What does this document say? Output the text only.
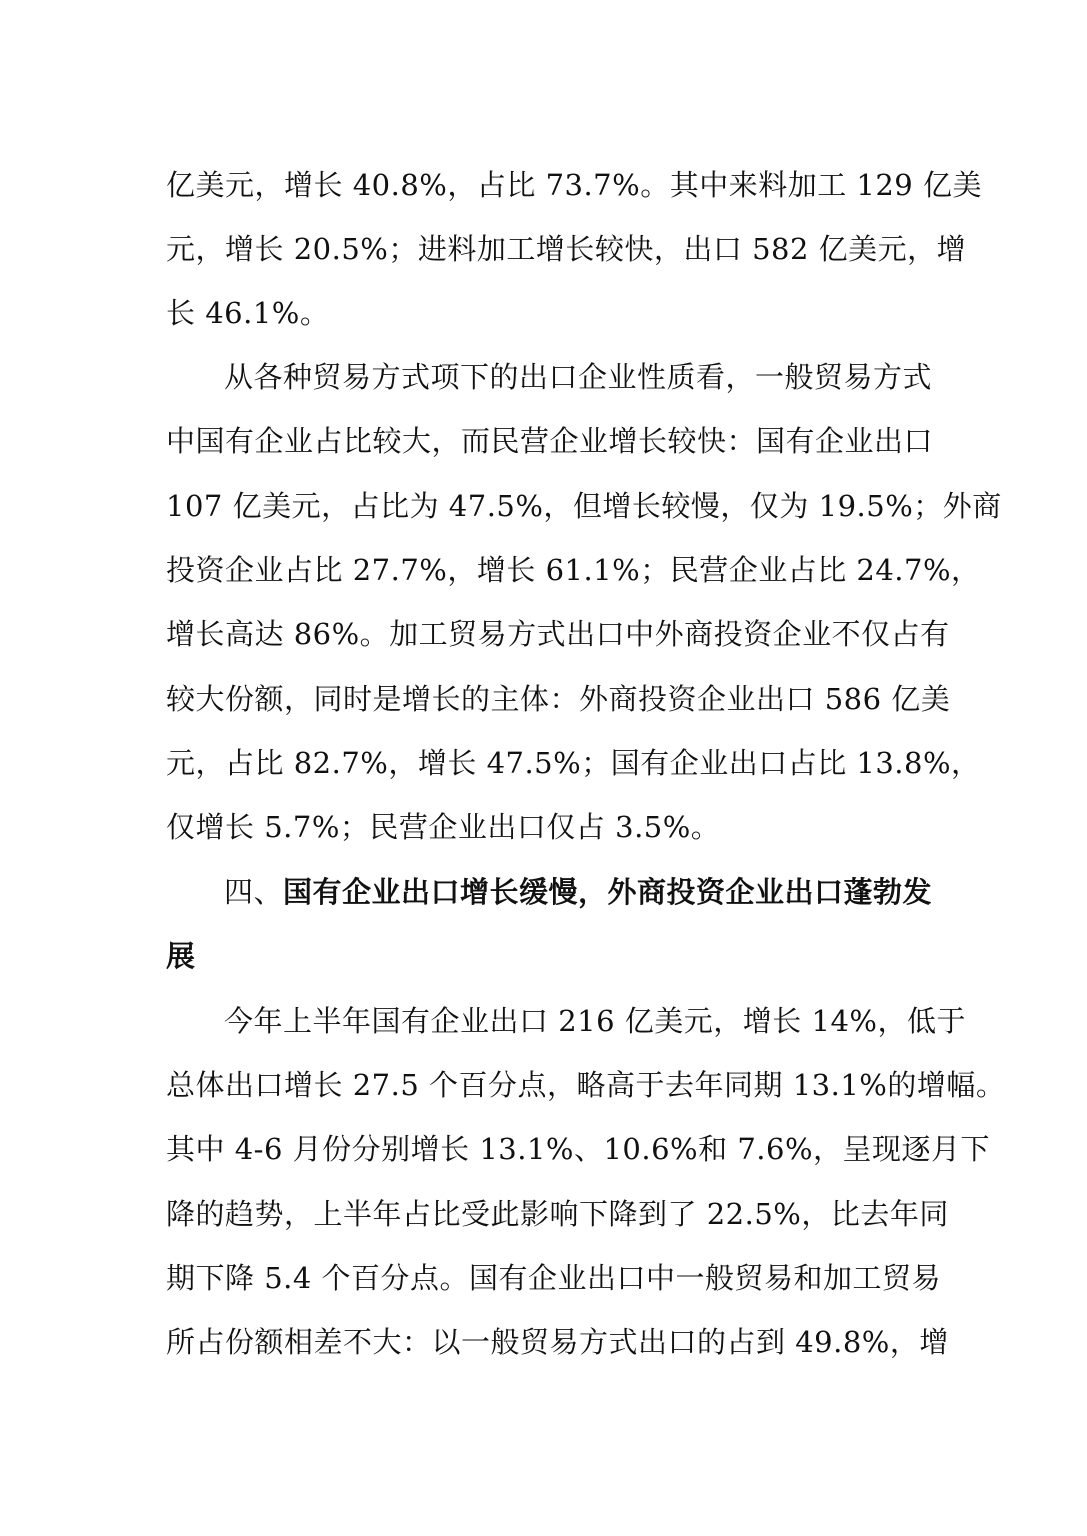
亿美元，增长 40.8%，占比 73.7%。其中来料加工 129 亿美
元，增长 20.5%；进料加工增长较快，出口 582 亿美元，增
长 46.1%。
从各种贸易方式项下的出口企业性质看，一般贸易方式
中国有企业占比较大，而民营企业增长较快：国有企业出口
107 亿美元，占比为 47.5%，但增长较慢，仅为 19.5%；外商
投资企业占比 27.7%，增长 61.1%；民营企业占比 24.7%，
增长高达 86%。加工贸易方式出口中外商投资企业不仅占有
较大份额，同时是增长的主体：外商投资企业出口 586 亿美
元，占比 82.7%，增长 47.5%；国有企业出口占比 13.8%，
仅增长 5.7%；民营企业出口仅占 3.5%。
四、国有企业出口增长缓慢，外商投资企业出口蓬勃发
展
今年上半年国有企业出口 216 亿美元，增长 14%，低于
总体出口增长 27.5 个百分点，略高于去年同期 13.1%的增幅。
其中 4-6 月份分别增长 13.1%、10.6%和 7.6%，呈现逐月下
降的趋势，上半年占比受此影响下降到了 22.5%，比去年同
期下降 5.4 个百分点。国有企业出口中一般贸易和加工贸易
所占份额相差不大：以一般贸易方式出口的占到 49.8%，增
